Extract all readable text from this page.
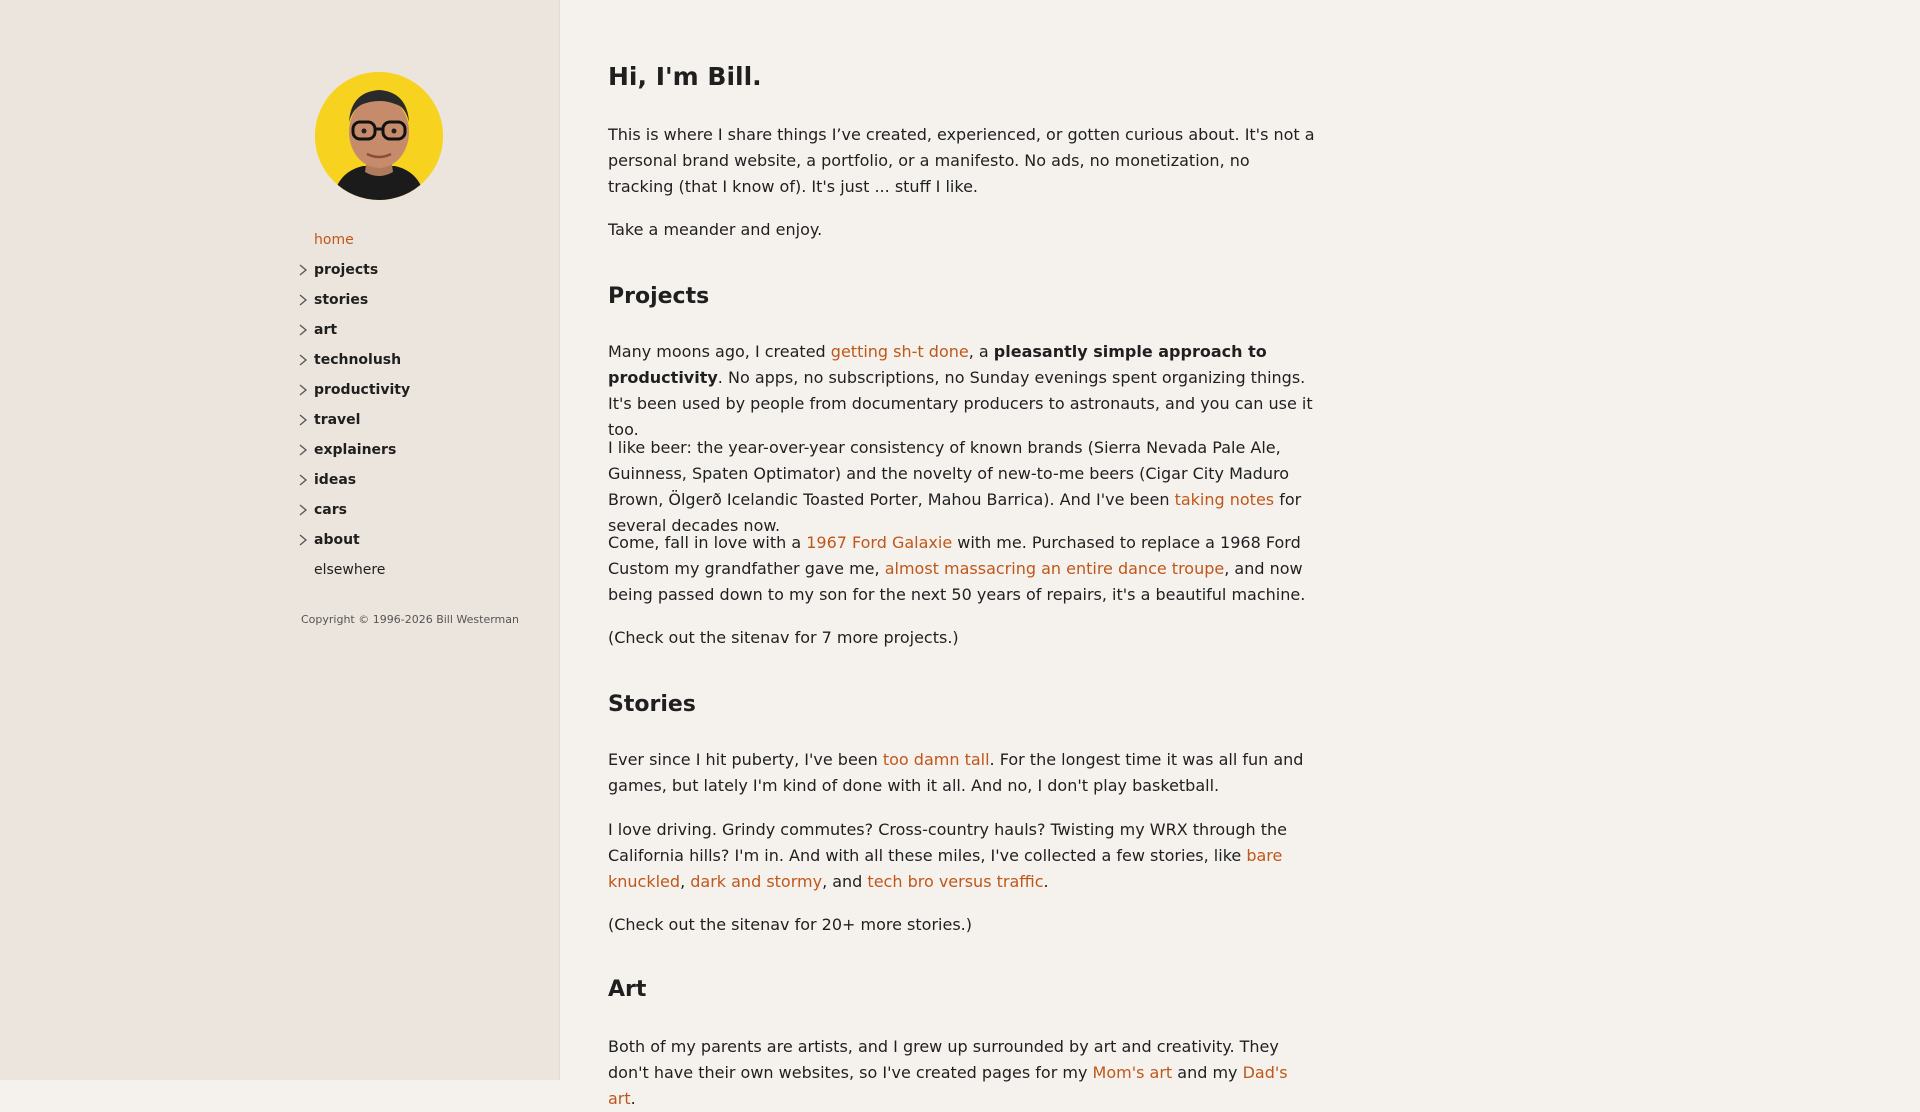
home
projects
stories
art
technolush
productivity
travel
explainers
ideas
cars
about
elsewhere
Copyright © 1996-2026 Bill Westerman
Hi, I'm Bill.

This is where I share things I’ve created, experienced, or gotten curious about. It's not a personal brand website, a portfolio, or a manifesto. No ads, no monetization, no tracking (that I know of). It's just ... stuff I like.

Take a meander and enjoy.

Projects

Many moons ago, I created getting sh-t done, a pleasantly simple approach to productivity. No apps, no subscriptions, no Sunday evenings spent organizing things. It's been used by people from documentary producers to astronauts, and you can use it too.

I like beer: the year-over-year consistency of known brands (Sierra Nevada Pale Ale, Guinness, Spaten Optimator) and the novelty of new-to-me beers (Cigar City Maduro Brown, Ölgerð Icelandic Toasted Porter, Mahou Barrica). And I've been taking notes for several decades now.

Come, fall in love with a 1967 Ford Galaxie with me. Purchased to replace a 1968 Ford Custom my grandfather gave me, almost massacring an entire dance troupe, and now being passed down to my son for the next 50 years of repairs, it's a beautiful machine.

(Check out the sitenav for 7 more projects.)

Stories

Ever since I hit puberty, I've been too damn tall. For the longest time it was all fun and games, but lately I'm kind of done with it all. And no, I don't play basketball.

I love driving. Grindy commutes? Cross-country hauls? Twisting my WRX through the California hills? I'm in. And with all these miles, I've collected a few stories, like bare knuckled, dark and stormy, and tech bro versus traffic.

(Check out the sitenav for 20+ more stories.)

Art

Both of my parents are artists, and I grew up surrounded by art and creativity. They don't have their own websites, so I've created pages for my Mom's art and my Dad's art.
